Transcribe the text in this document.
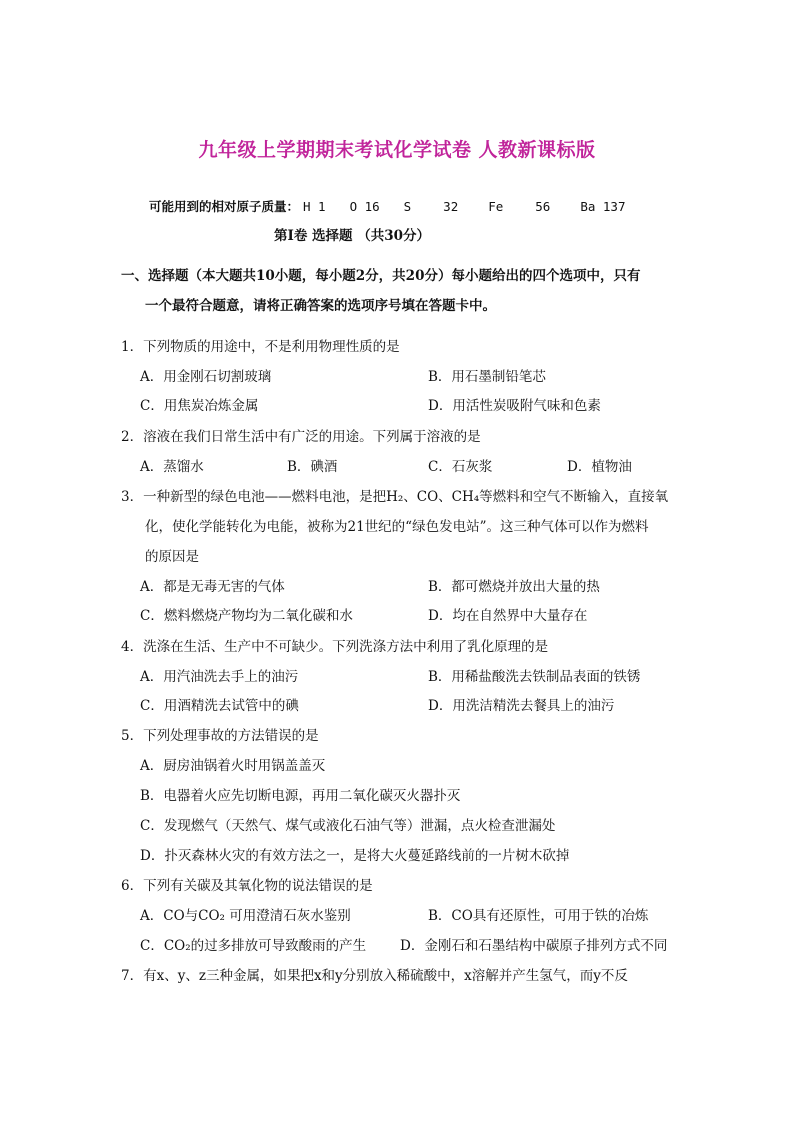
九年级上学期期末考试化学试卷 人教新课标版
可能用到的相对原子质量： H 1 O 16 S	32 Fe	56 Ba 137
第Ⅰ卷 选择题 （共30分）
一、选择题（本大题共10小题，每小题2分，共20分）每小题给出的四个选项中，只有
一个最符合题意，请将正确答案的选项序号填在答题卡中。
1．下列物质的用途中，不是利用物理性质的是
A．用金刚石切割玻璃	B．用石墨制铅笔芯
C．用焦炭冶炼金属	D．用活性炭吸附气味和色素
2．溶液在我们日常生活中有广泛的用途。下列属于溶液的是
A．蒸馏水	B．碘酒	C．石灰浆	D．植物油
3．一种新型的绿色电池——燃料电池，是把H₂、CO、CH₄等燃料和空气不断输入，直接氧
化，使化学能转化为电能，被称为21世纪的“绿色发电站”。这三种气体可以作为燃料
的原因是
A．都是无毒无害的气体	B．都可燃烧并放出大量的热
C．燃料燃烧产物均为二氧化碳和水	D．均在自然界中大量存在
4．洗涤在生活、生产中不可缺少。下列洗涤方法中利用了乳化原理的是
A．用汽油洗去手上的油污	B．用稀盐酸洗去铁制品表面的铁锈
C．用酒精洗去试管中的碘	D．用洗洁精洗去餐具上的油污
5．下列处理事故的方法错误的是
A．厨房油锅着火时用锅盖盖灭
B．电器着火应先切断电源，再用二氧化碳灭火器扑灭
C．发现燃气（天然气、煤气或液化石油气等）泄漏，点火检查泄漏处
D．扑灭森林火灾的有效方法之一，是将大火蔓延路线前的一片树木砍掉
6．下列有关碳及其氧化物的说法错误的是
A．CO与CO₂ 可用澄清石灰水鉴别	B．CO具有还原性，可用于铁的冶炼
C．CO₂的过多排放可导致酸雨的产生	D．金刚石和石墨结构中碳原子排列方式不同
7．有x、y、z三种金属，如果把x和y分别放入稀硫酸中，x溶解并产生氢气，而y不反
